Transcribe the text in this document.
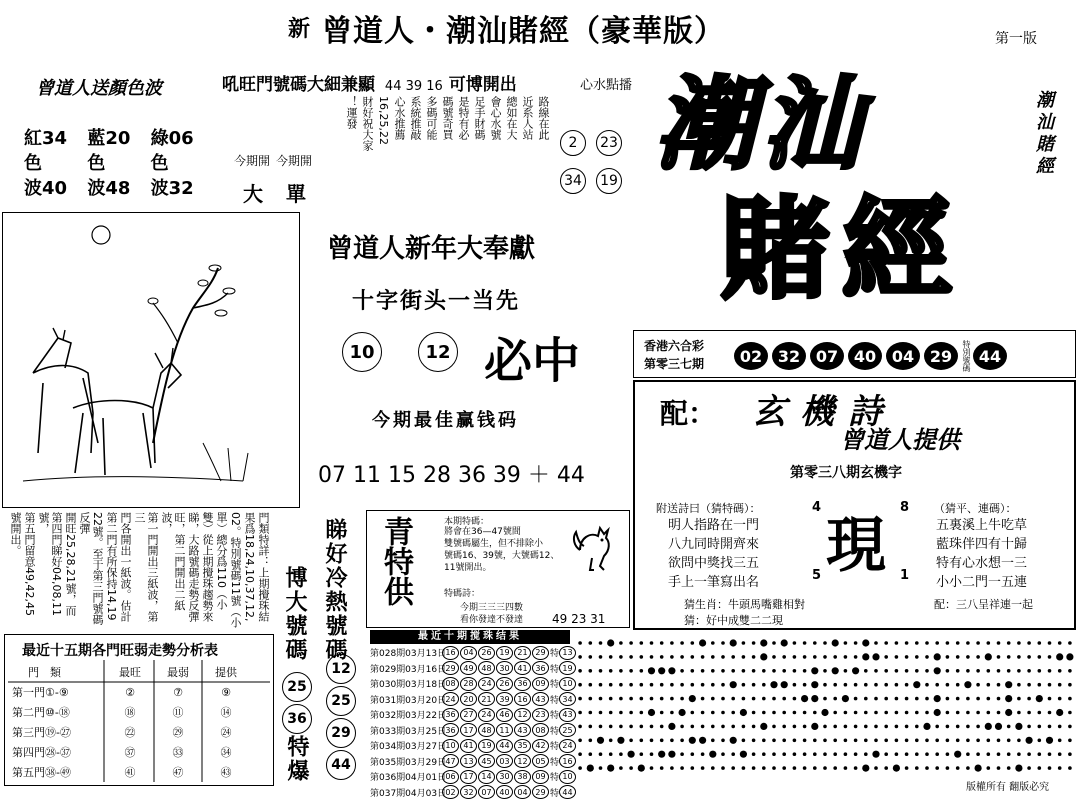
新 曾道人・潮汕賭經（豪華版）	第一版
曾道人送顏色波
紅34	藍20	綠06
色	色	色
波40	波48	波32
吼旺門號碼大細兼顯 44 39 16 可博開出	心水點播
路線在此
近系人站
總如在大
會心水號
足手財碼
是特有必
碼號奇買
多碼可能
系統推敲
心水推薦
16,25,22
財好祝大家
！運發
今期開 今期開
大 單
2	23
34 19 潮汕
賭經
潮汕賭經
曾道人新年大奉獻
十字街头一当先
10	12 必中
今期最佳赢钱码
07 11 15 28 36 39 ＋ 44
香港六合彩
第零三七期	02 32 07 40 04 29	特別號碼 44
配： 玄機詩
曾道人提供
第零三八期玄機字
附送詩曰（猜特碼）：
明人指路在一門
八九同時開齊來
欲問中獎找三五
手上一筆寫出名
（猜平、連碼）：
五裏溪上牛吃草
藍珠伴四有十歸
特有心水想一三
小小二門一五連
現
4	8
5	1
猜生肖：牛頭馬嘴雞相對
猜：好中成雙二二現
配：三八呈祥連一起
門類特詳：上期攪珠結
果爲18,24,10,37,12,
02。特別號碼11號（小
單）總分爲110（小
雙）從上期攪珠趨勢來
睇，大路號碼走勢反彈
旺，第二門開出二紙波，
第一門開出三紙波，第三
門各開出一紙波。估計
第二門有所保持14,19
22號。至于第三門號碼反彈
開旺25,28,21號，而
第四門睇好04,08,11號，
第五門留意49,42,45
號開出。	睇好冷熱號碼
博大號碼
25
36
特爆
12
25
29
44
青特供	本期特碼：
將會在36—47號間
雙號碼屬生，但不排除小
號碼16、39號，大號碼12、
11號開出。
特碼詩：
今期三三三四數
看你發達不發達 49 23 31
最近十五期各門旺弱走勢分析表
門　類	最旺	最弱	提供
第一門①-⑨	②	⑦	⑨
第二門⑩-⑱	⑱	⑪	⑭
第三門⑲-㉗	㉒	㉙	㉔
第四門㉘-㊲	㊲	㉝	㉞
第五門㊳-㊾	㊶	㊼	㊸
最近十期搅珠结果
第028期03月13日 16 04 26 19 21 29 特 13
第029期03月16日 29 49 48 30 41 36 特 19
第030期03月18日 08 28 24 26 36 09 特 10
第031期03月20日 24 20 21 39 16 43 特 34
第032期03月22日 36 27 24 46 12 23 特 43
第033期03月25日 36 17 48 11 43 08 特 25
第034期03月27日 10 41 19 44 35 42 特 24
第035期03月29日 47 13 45 03 12 05 特 16
第036期04月01日 06 17 14 30 38 09 特 10
第037期04月03日 02 32 07 40 04 29 特 44	版權所有 翻版必究
